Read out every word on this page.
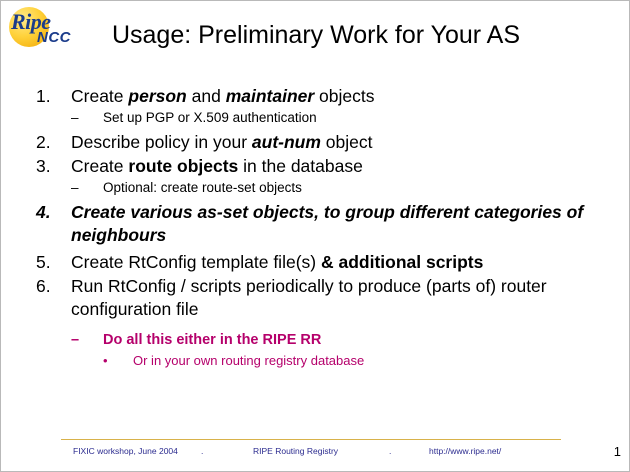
Ripe
NCC	Usage: Preliminary Work for Your AS
1.	Create person and maintainer objects
–	Set up PGP or X.509 authentication
2.	Describe policy in your aut-num object
3.	Create route objects in the database
–	Optional: create route-set objects
4.	Create various as-set objects, to group different categories of neighbours
5.	Create RtConfig template file(s) & additional scripts
6.	Run RtConfig / scripts periodically to produce (parts of) router configuration file
–	Do all this either in the RIPE RR
•	Or in your own routing registry database
FIXIC workshop, June 2004	.	RIPE Routing Registry	.	http://www.ripe.net/	1
